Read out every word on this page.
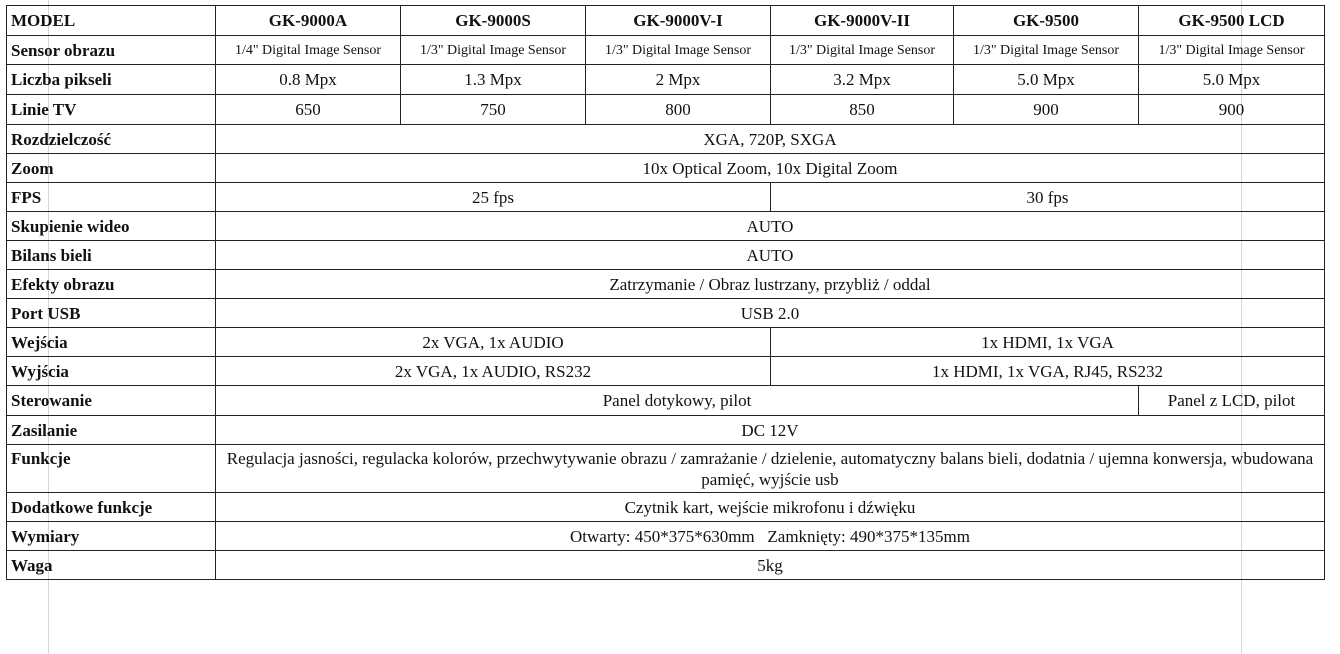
MODEL	GK-9000A	GK-9000S	GK-9000V-I	GK-9000V-II	GK-9500	GK-9500 LCD
Sensor obrazu	1/4" Digital Image Sensor	1/3" Digital Image Sensor	1/3" Digital Image Sensor	1/3" Digital Image Sensor	1/3" Digital Image Sensor	1/3" Digital Image Sensor
Liczba pikseli	0.8 Mpx	1.3 Mpx	2 Mpx	3.2 Mpx	5.0 Mpx	5.0 Mpx
Linie TV	650	750	800	850	900	900
Rozdzielczość	XGA, 720P, SXGA					
Zoom	10x Optical Zoom, 10x Digital Zoom					
FPS	25 fps			30 fps		
Skupienie wideo	AUTO					
Bilans bieli	AUTO					
Efekty obrazu	Zatrzymanie / Obraz lustrzany, przybliż / oddal					
Port USB	USB 2.0					
Wejścia	2x VGA, 1x AUDIO			1x HDMI, 1x VGA		
Wyjścia	2x VGA, 1x AUDIO, RS232			1x HDMI, 1x VGA, RJ45, RS232		
Sterowanie	Panel dotykowy, pilot					Panel z LCD, pilot
Zasilanie	DC 12V					
Funkcje	Regulacja jasności, regulacka kolorów, przechwytywanie obrazu / zamrażanie / dzielenie, automatyczny balans bieli, dodatnia / ujemna konwersja, wbudowana pamięć, wyjście usb					
Dodatkowe funkcje	Czytnik kart, wejście mikrofonu i dźwięku					
Wymiary	Otwarty: 450*375*630mm   Zamknięty: 490*375*135mm					
Waga	5kg					
